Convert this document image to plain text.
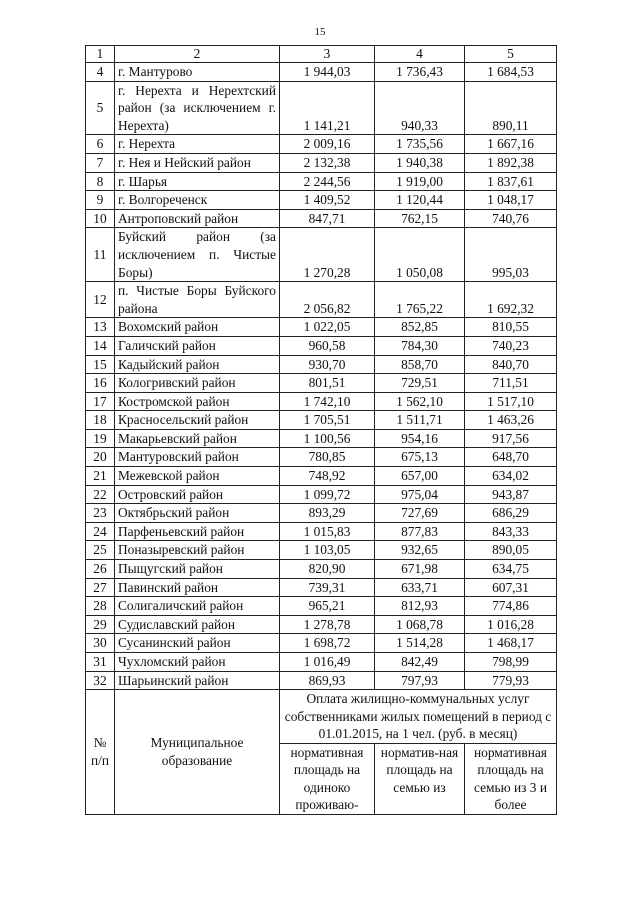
15
1	2	3	4	5
4	г. Мантурово	1 944,03	1 736,43	1 684,53
5	г. Нерехта и Нерехтский район (за исключением г. Нерехта)	1 141,21	940,33	890,11
6	г. Нерехта	2 009,16	1 735,56	1 667,16
7	г. Нея и Нейский район	2 132,38	1 940,38	1 892,38
8	г. Шарья	2 244,56	1 919,00	1 837,61
9	г. Волгореченск	1 409,52	1 120,44	1 048,17
10	Антроповский район	847,71	762,15	740,76
11	Буйский район (за исключением п. Чистые Боры)	1 270,28	1 050,08	995,03
12	п. Чистые Боры Буйского района	2 056,82	1 765,22	1 692,32
13	Вохомский район	1 022,05	852,85	810,55
14	Галичский район	960,58	784,30	740,23
15	Кадыйский район	930,70	858,70	840,70
16	Кологривский район	801,51	729,51	711,51
17	Костромской район	1 742,10	1 562,10	1 517,10
18	Красносельский район	1 705,51	1 511,71	1 463,26
19	Макарьевский район	1 100,56	954,16	917,56
20	Мантуровский район	780,85	675,13	648,70
21	Межевской район	748,92	657,00	634,02
22	Островский район	1 099,72	975,04	943,87
23	Октябрьский район	893,29	727,69	686,29
24	Парфеньевский район	1 015,83	877,83	843,33
25	Поназыревский район	1 103,05	932,65	890,05
26	Пыщугский район	820,90	671,98	634,75
27	Павинский район	739,31	633,71	607,31
28	Солигаличский район	965,21	812,93	774,86
29	Судиславский район	1 278,78	1 068,78	1 016,28
30	Сусанинский район	1 698,72	1 514,28	1 468,17
31	Чухломский район	1 016,49	842,49	798,99
32	Шарьинский район	869,93	797,93	779,93
№ п/п	Муниципальное образование	Оплата жилищно-коммунальных услуг собственниками жилых помещений в период с 01.01.2015, на 1 чел. (руб. в месяц)		
		нормативная площадь на одиноко проживаю-	норматив-ная площадь на семью из	нормативная площадь на семью из 3 и более
